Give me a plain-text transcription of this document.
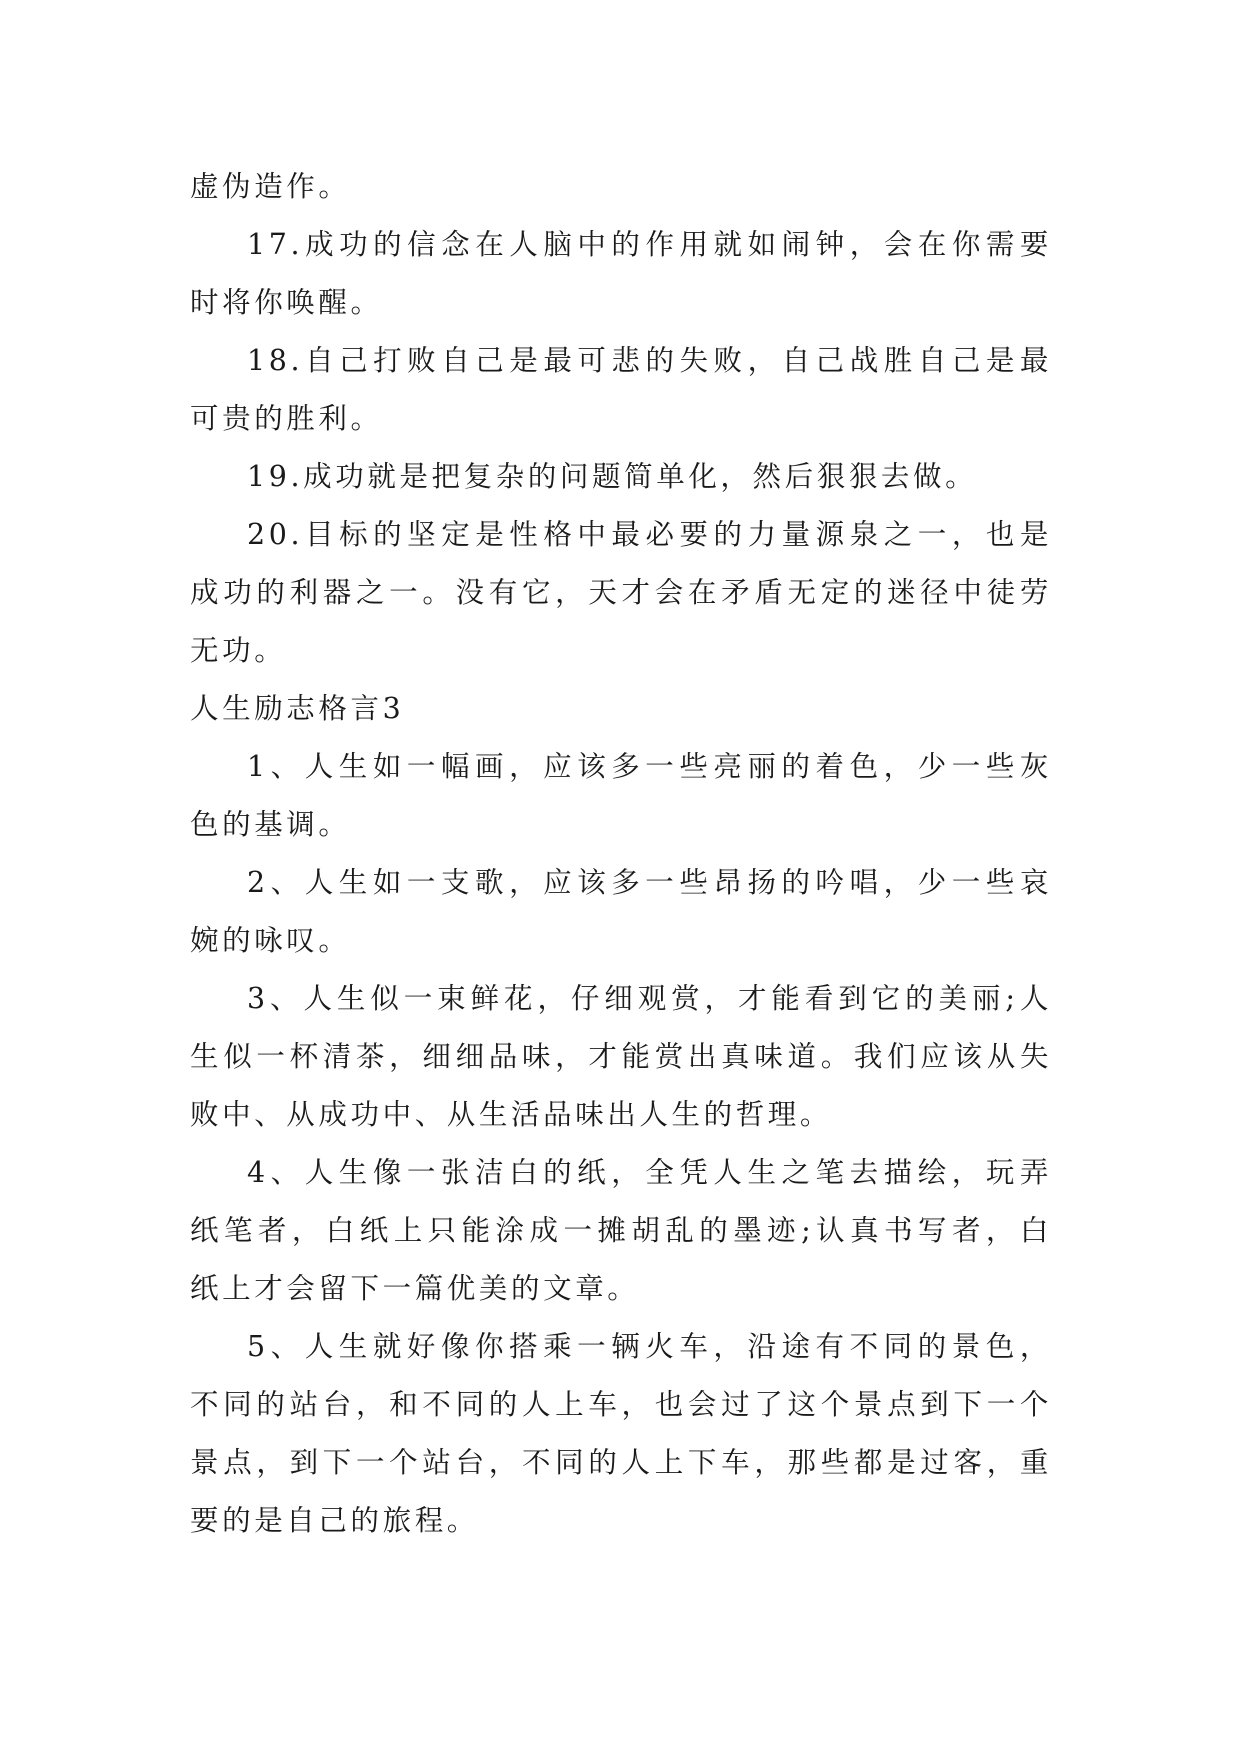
虚伪造作。
17.成功的信念在人脑中的作用就如闹钟，会在你需要
时将你唤醒。
18.自己打败自己是最可悲的失败，自己战胜自己是最
可贵的胜利。
19.成功就是把复杂的问题简单化，然后狠狠去做。
20.目标的坚定是性格中最必要的力量源泉之一，也是
成功的利器之一。没有它，天才会在矛盾无定的迷径中徒劳
无功。
人生励志格言3
1、人生如一幅画，应该多一些亮丽的着色，少一些灰
色的基调。
2、人生如一支歌，应该多一些昂扬的吟唱，少一些哀
婉的咏叹。
3、人生似一束鲜花，仔细观赏，才能看到它的美丽;人
生似一杯清茶，细细品味，才能赏出真味道。我们应该从失
败中、从成功中、从生活品味出人生的哲理。
4、人生像一张洁白的纸，全凭人生之笔去描绘，玩弄
纸笔者，白纸上只能涂成一摊胡乱的墨迹;认真书写者，白
纸上才会留下一篇优美的文章。
5、人生就好像你搭乘一辆火车，沿途有不同的景色，
不同的站台，和不同的人上车，也会过了这个景点到下一个
景点，到下一个站台，不同的人上下车，那些都是过客，重
要的是自己的旅程。
